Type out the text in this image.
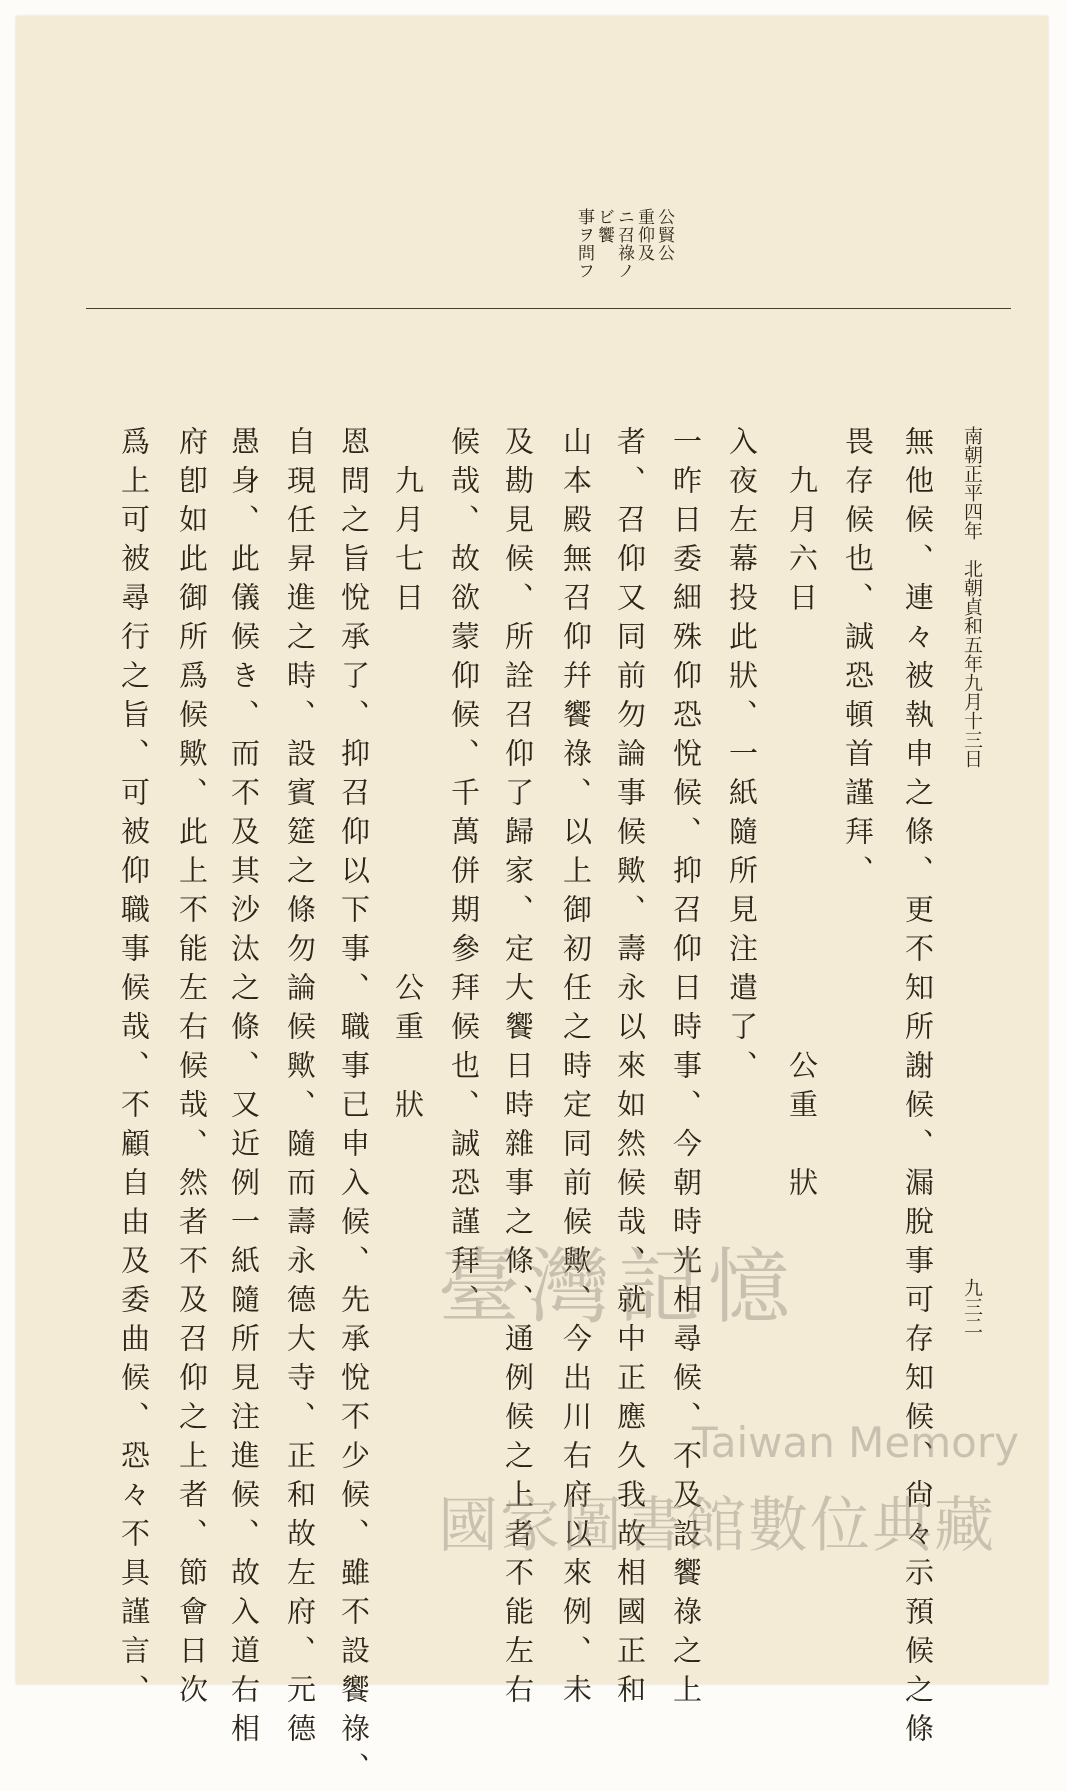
南朝正平四年　北朝貞和五年九月十三日
九三二
公賢公
重仰及
ニ召祿ノ
ビ饗
事ヲ問フ
無他候、連々被執申之條、更不知所謝候、漏脫事可存知候、尙々示預候之條
畏存候也、誠恐頓首謹拜、
　九月六日　　　　　　　　　　　公重　狀
入夜左幕投此狀、一紙隨所見注遣了、
一昨日委細殊仰恐悅候、抑召仰日時事、今朝時光相尋候、不及設饗祿之上
者、召仰又同前勿論事候歟、壽永以來如然候哉、就中正應久我故相國正和
山本殿無召仰幷饗祿、以上御初任之時定同前候歟、今出川右府以來例、未
及勘見候、所詮召仰了歸家、定大饗日時雜事之條、通例候之上者不能左右
候哉、故欲蒙仰候、千萬併期參拜候也、誠恐謹拜、
　九月七日　　　　　　　　　公重　狀
恩問之旨悅承了、抑召仰以下事、職事已申入候、先承悅不少候、雖不設饗祿、
自現任昇進之時、設賓筵之條勿論候歟、隨而壽永德大寺、正和故左府、元德
愚身、此儀候き、而不及其沙汰之條、又近例一紙隨所見注進候、故入道右相
府卽如此御所爲候歟、此上不能左右候哉、然者不及召仰之上者、節會日次
爲上可被尋行之旨、可被仰職事候哉、不顧自由及委曲候、恐々不具謹言、	臺灣記憶
Taiwan Memory
國家圖書館數位典藏
